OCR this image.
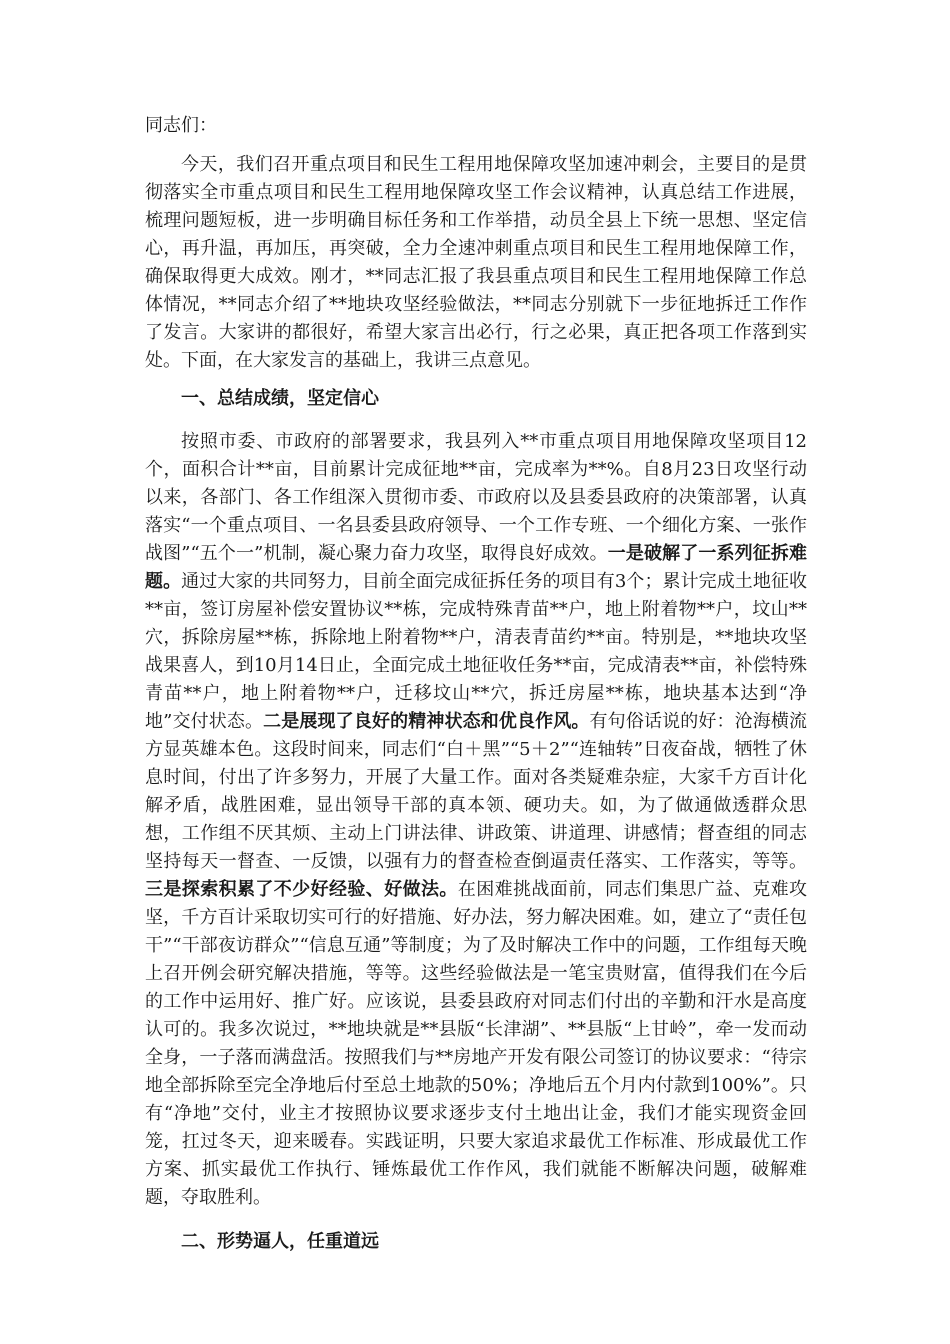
同志们：

今天，我们召开重点项目和民生工程用地保障攻坚加速冲刺会，主要目的是贯彻落实全市重点项目和民生工程用地保障攻坚工作会议精神，认真总结工作进展，梳理问题短板，进一步明确目标任务和工作举措，动员全县上下统一思想、坚定信心，再升温，再加压，再突破，全力全速冲刺重点项目和民生工程用地保障工作，确保取得更大成效。刚才，**同志汇报了我县重点项目和民生工程用地保障工作总体情况，**同志介绍了**地块攻坚经验做法，**同志分别就下一步征地拆迁工作作了发言。大家讲的都很好，希望大家言出必行，行之必果，真正把各项工作落到实处。下面，在大家发言的基础上，我讲三点意见。

一、总结成绩，坚定信心

按照市委、市政府的部署要求，我县列入**市重点项目用地保障攻坚项目12个，面积合计**亩，目前累计完成征地**亩，完成率为**%。自8月23日攻坚行动以来，各部门、各工作组深入贯彻市委、市政府以及县委县政府的决策部署，认真落实“一个重点项目、一名县委县政府领导、一个工作专班、一个细化方案、一张作战图”“五个一”机制，凝心聚力奋力攻坚，取得良好成效。一是破解了一系列征拆难题。通过大家的共同努力，目前全面完成征拆任务的项目有3个；累计完成土地征收**亩，签订房屋补偿安置协议**栋，完成特殊青苗**户，地上附着物**户，坟山**穴，拆除房屋**栋，拆除地上附着物**户，清表青苗约**亩。特别是，**地块攻坚战果喜人，到10月14日止，全面完成土地征收任务**亩，完成清表**亩，补偿特殊青苗**户，地上附着物**户，迁移坟山**穴，拆迁房屋**栋，地块基本达到“净地”交付状态。二是展现了良好的精神状态和优良作风。有句俗话说的好：沧海横流方显英雄本色。这段时间来，同志们“白＋黑”“5＋2”“连轴转”日夜奋战，牺牲了休息时间，付出了许多努力，开展了大量工作。面对各类疑难杂症，大家千方百计化解矛盾，战胜困难，显出领导干部的真本领、硬功夫。如，为了做通做透群众思想，工作组不厌其烦、主动上门讲法律、讲政策、讲道理、讲感情；督查组的同志坚持每天一督查、一反馈，以强有力的督查检查倒逼责任落实、工作落实，等等。三是探索积累了不少好经验、好做法。在困难挑战面前，同志们集思广益、克难攻坚，千方百计采取切实可行的好措施、好办法，努力解决困难。如，建立了“责任包干”“干部夜访群众”“信息互通”等制度；为了及时解决工作中的问题，工作组每天晚上召开例会研究解决措施，等等。这些经验做法是一笔宝贵财富，值得我们在今后的工作中运用好、推广好。应该说，县委县政府对同志们付出的辛勤和汗水是高度认可的。我多次说过，**地块就是**县版“长津湖”、**县版“上甘岭”，牵一发而动全身，一子落而满盘活。按照我们与**房地产开发有限公司签订的协议要求：“待宗地全部拆除至完全净地后付至总土地款的50%；净地后五个月内付款到100%”。只有“净地”交付，业主才按照协议要求逐步支付土地出让金，我们才能实现资金回笼，扛过冬天，迎来暖春。实践证明，只要大家追求最优工作标准、形成最优工作方案、抓实最优工作执行、锤炼最优工作作风，我们就能不断解决问题，破解难题，夺取胜利。

二、形势逼人，任重道远
